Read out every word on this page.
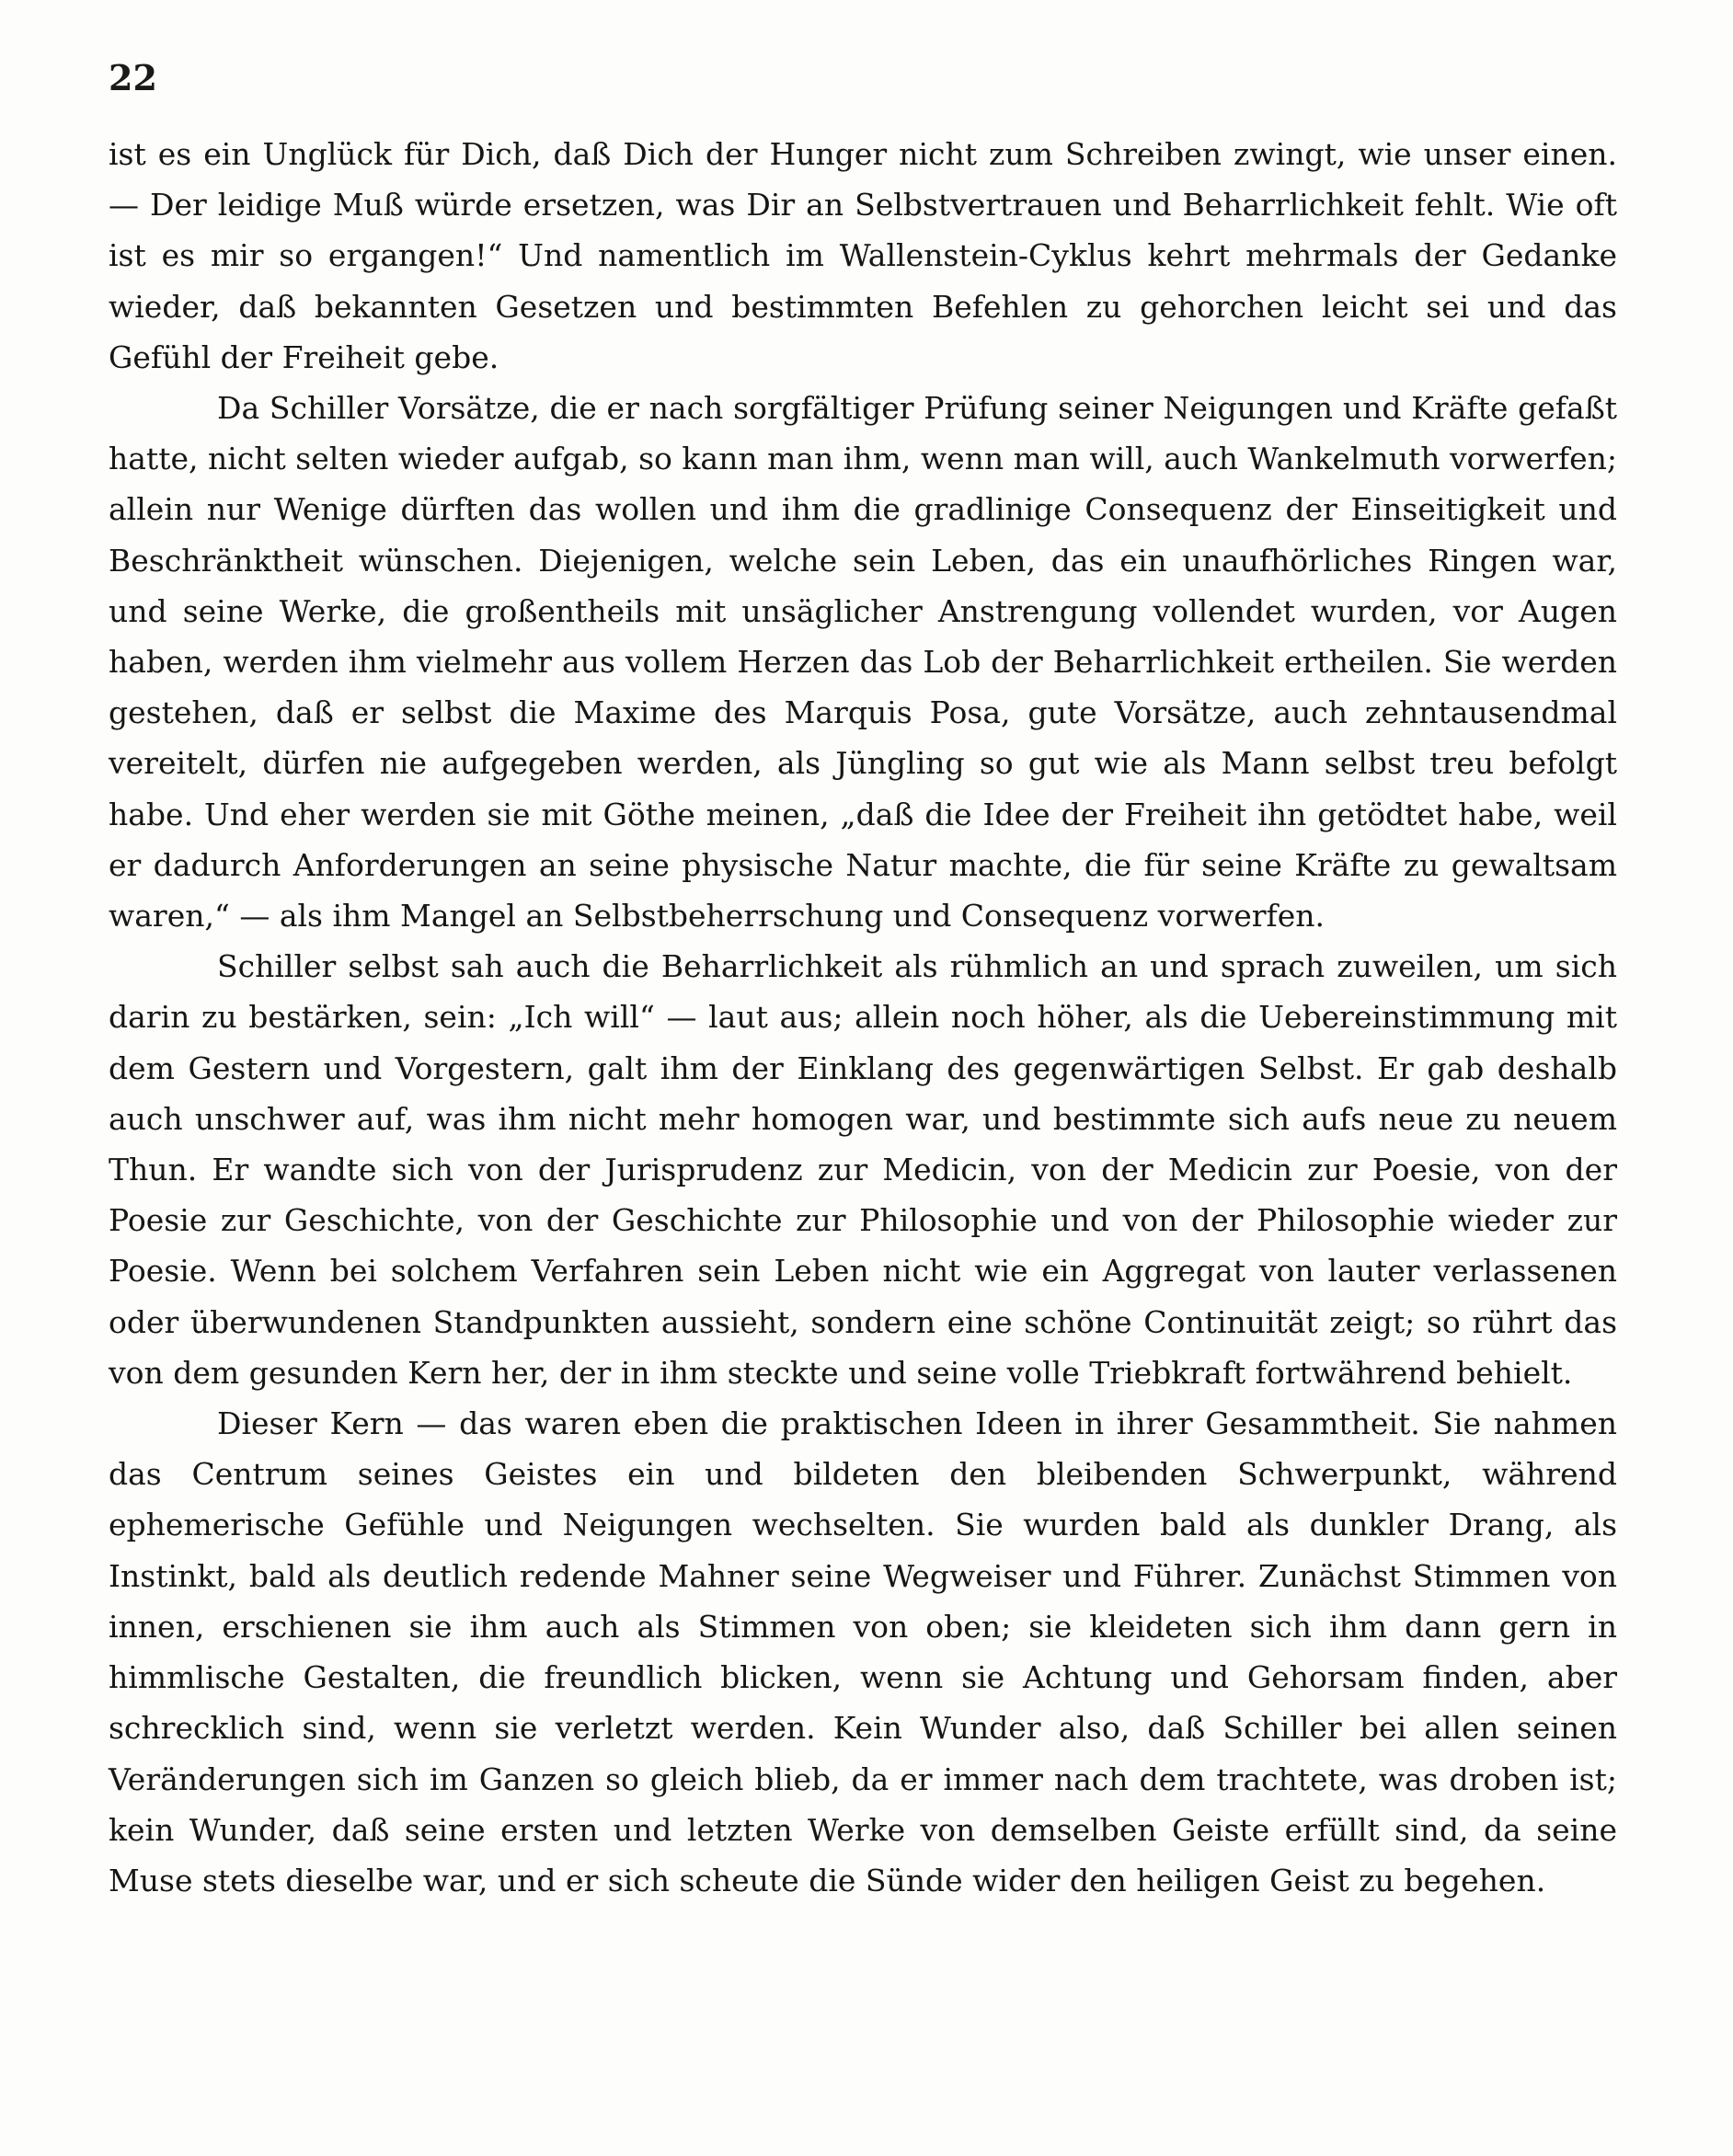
22

ist es ein Unglück für Dich, daß Dich der Hunger nicht zum Schreiben zwingt, wie unser einen. — Der leidige Muß würde ersetzen, was Dir an Selbstvertrauen und Beharrlichkeit fehlt. Wie oft ist es mir so ergangen!“ Und namentlich im Wallenstein-Cyklus kehrt mehrmals der Gedanke wieder, daß bekannten Gesetzen und bestimmten Befehlen zu gehorchen leicht sei und das Gefühl der Freiheit gebe.

Da Schiller Vorsätze, die er nach sorgfältiger Prüfung seiner Neigungen und Kräfte gefaßt hatte, nicht selten wieder aufgab, so kann man ihm, wenn man will, auch Wankelmuth vorwerfen; allein nur Wenige dürften das wollen und ihm die gradlinige Consequenz der Einseitigkeit und Beschränktheit wünschen. Diejenigen, welche sein Leben, das ein unaufhörliches Ringen war, und seine Werke, die großentheils mit unsäglicher Anstrengung vollendet wurden, vor Augen haben, werden ihm vielmehr aus vollem Herzen das Lob der Beharrlichkeit ertheilen. Sie werden gestehen, daß er selbst die Maxime des Marquis Posa, gute Vorsätze, auch zehntausendmal vereitelt, dürfen nie aufgegeben werden, als Jüngling so gut wie als Mann selbst treu befolgt habe. Und eher werden sie mit Göthe meinen, „daß die Idee der Freiheit ihn getödtet habe, weil er dadurch Anforderungen an seine physische Natur machte, die für seine Kräfte zu gewaltsam waren,“ — als ihm Mangel an Selbstbeherrschung und Consequenz vorwerfen.

Schiller selbst sah auch die Beharrlichkeit als rühmlich an und sprach zuweilen, um sich darin zu bestärken, sein: „Ich will“ — laut aus; allein noch höher, als die Uebereinstimmung mit dem Gestern und Vorgestern, galt ihm der Einklang des gegenwärtigen Selbst. Er gab deshalb auch unschwer auf, was ihm nicht mehr homogen war, und bestimmte sich aufs neue zu neuem Thun. Er wandte sich von der Jurisprudenz zur Medicin, von der Medicin zur Poesie, von der Poesie zur Geschichte, von der Geschichte zur Philosophie und von der Philosophie wieder zur Poesie. Wenn bei solchem Verfahren sein Leben nicht wie ein Aggregat von lauter verlassenen oder überwundenen Standpunkten aussieht, sondern eine schöne Continuität zeigt; so rührt das von dem gesunden Kern her, der in ihm steckte und seine volle Triebkraft fortwährend behielt.

Dieser Kern — das waren eben die praktischen Ideen in ihrer Gesammtheit. Sie nahmen das Centrum seines Geistes ein und bildeten den bleibenden Schwerpunkt, während ephemerische Gefühle und Neigungen wechselten. Sie wurden bald als dunkler Drang, als Instinkt, bald als deutlich redende Mahner seine Wegweiser und Führer. Zunächst Stimmen von innen, erschienen sie ihm auch als Stimmen von oben; sie kleideten sich ihm dann gern in himmlische Gestalten, die freundlich blicken, wenn sie Achtung und Gehorsam finden, aber schrecklich sind, wenn sie verletzt werden. Kein Wunder also, daß Schiller bei allen seinen Veränderungen sich im Ganzen so gleich blieb, da er immer nach dem trachtete, was droben ist; kein Wunder, daß seine ersten und letzten Werke von demselben Geiste erfüllt sind, da seine Muse stets dieselbe war, und er sich scheute die Sünde wider den heiligen Geist zu begehen.
